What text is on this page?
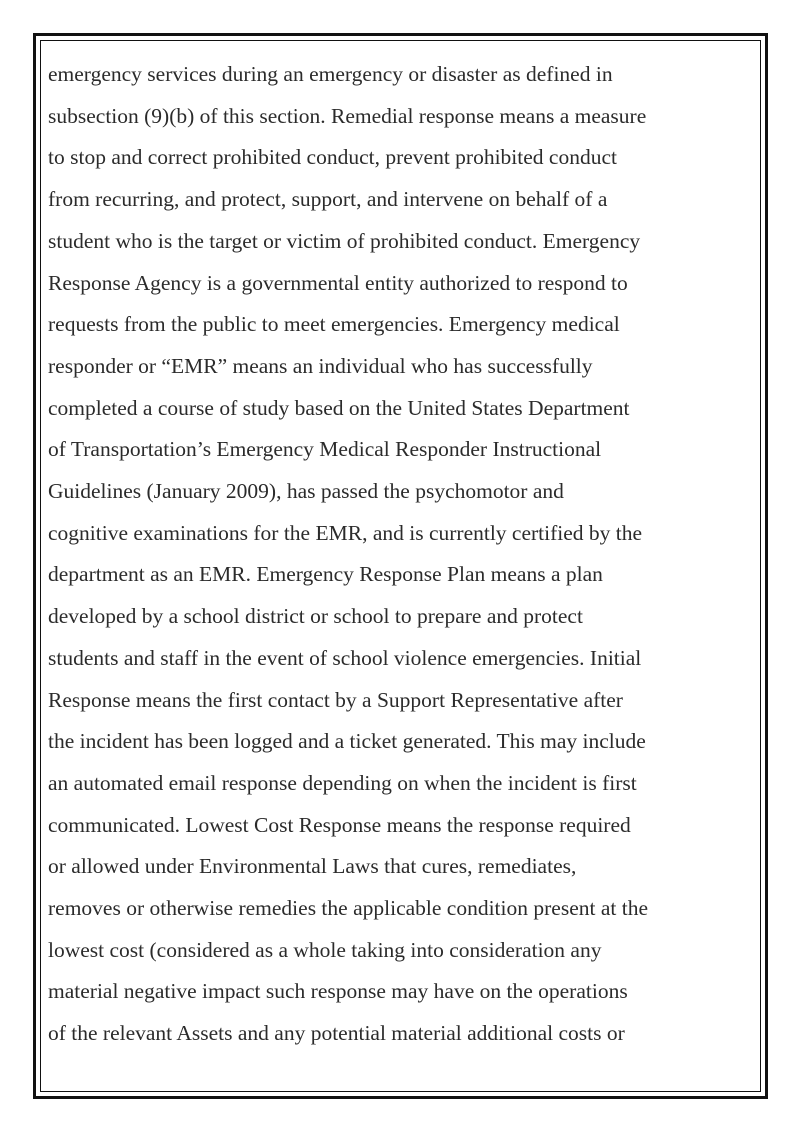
emergency services during an emergency or disaster as defined in
subsection (9)(b) of this section. Remedial response means a measure
to stop and correct prohibited conduct, prevent prohibited conduct
from recurring, and protect, support, and intervene on behalf of a
student who is the target or victim of prohibited conduct. Emergency
Response Agency is a governmental entity authorized to respond to
requests from the public to meet emergencies. Emergency medical
responder or “EMR” means an individual who has successfully
completed a course of study based on the United States Department
of Transportation’s Emergency Medical Responder Instructional
Guidelines (January 2009), has passed the psychomotor and
cognitive examinations for the EMR, and is currently certified by the
department as an EMR. Emergency Response Plan means a plan
developed by a school district or school to prepare and protect
students and staff in the event of school violence emergencies. Initial
Response means the first contact by a Support Representative after
the incident has been logged and a ticket generated. This may include
an automated email response depending on when the incident is first
communicated. Lowest Cost Response means the response required
or allowed under Environmental Laws that cures, remediates,
removes or otherwise remedies the applicable condition present at the
lowest cost (considered as a whole taking into consideration any
material negative impact such response may have on the operations
of the relevant Assets and any potential material additional costs or
